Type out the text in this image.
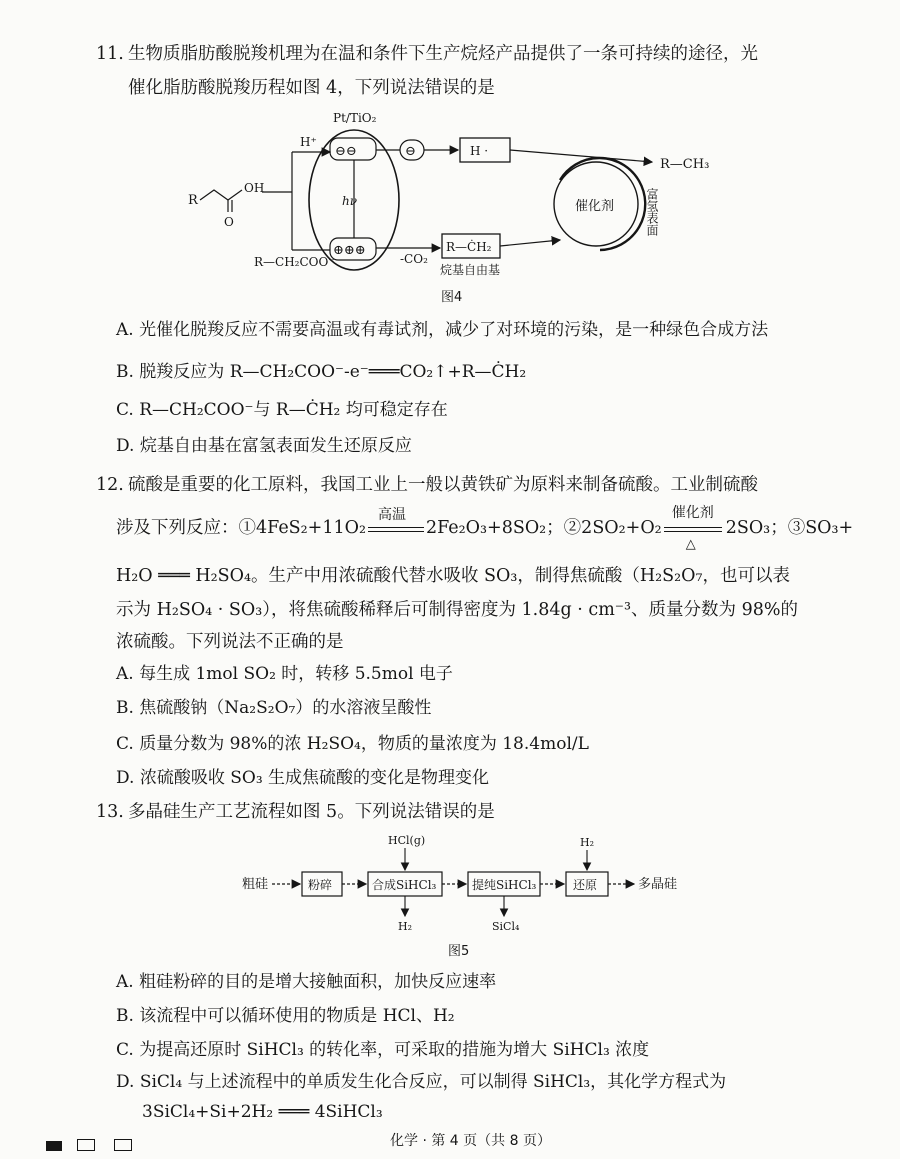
11. 生物质脂肪酸脱羧机理为在温和条件下生产烷烃产品提供了一条可持续的途径，光
催化脂肪酸脱羧历程如图 4，下列说法错误的是
Pt/TiO₂
⊖⊖
⊕⊕⊕
hν
⊖	H ·
R—CH₃
H⁺
R
O
OH
R—CH₂COO⁻	-CO₂
R—ĊH₂
烷基自由基
催化剂	富氢表面
图4
A. 光催化脱羧反应不需要高温或有毒试剂，减少了对环境的污染，是一种绿色合成方法
B. 脱羧反应为 R—CH₂COO⁻-e⁻═══CO₂↑+R—ĊH₂
C. R—CH₂COO⁻与 R—ĊH₂ 均可稳定存在
D. 烷基自由基在富氢表面发生还原反应
12. 硫酸是重要的化工原料，我国工业上一般以黄铁矿为原料来制备硫酸。工业制硫酸
涉及下列反应：①4FeS₂+11O₂
高温
2Fe₂O₃+8SO₂；②2SO₂+O₂
催化剂
△
2SO₃；③SO₃+
H₂O ═══ H₂SO₄。生产中用浓硫酸代替水吸收 SO₃，制得焦硫酸（H₂S₂O₇，也可以表
示为 H₂SO₄ · SO₃），将焦硫酸稀释后可制得密度为 1.84g · cm⁻³、质量分数为 98%的
浓硫酸。下列说法不正确的是
A. 每生成 1mol SO₂ 时，转移 5.5mol 电子
B. 焦硫酸钠（Na₂S₂O₇）的水溶液呈酸性
C. 质量分数为 98%的浓 H₂SO₄，物质的量浓度为 18.4mol/L
D. 浓硫酸吸收 SO₃ 生成焦硫酸的变化是物理变化
13. 多晶硅生产工艺流程如图 5。下列说法错误的是
粗硅	粉碎	合成SiHCl₃
HCl(g)
H₂
提纯SiHCl₃
SiCl₄
还原
H₂
多晶硅
图5
A. 粗硅粉碎的目的是增大接触面积，加快反应速率
B. 该流程中可以循环使用的物质是 HCl、H₂
C. 为提高还原时 SiHCl₃ 的转化率，可采取的措施为增大 SiHCl₃ 浓度
D. SiCl₄ 与上述流程中的单质发生化合反应，可以制得 SiHCl₃，其化学方程式为
3SiCl₄+Si+2H₂ ═══ 4SiHCl₃

化学 · 第 4 页（共 8 页）
